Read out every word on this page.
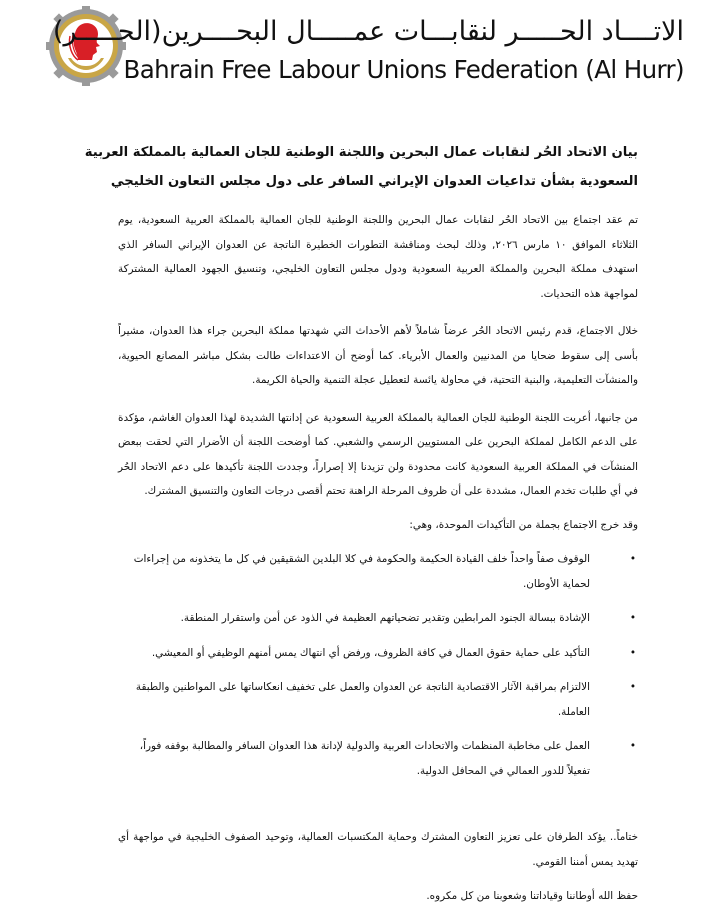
الاتــــاد الحـــــر لنقابـــات عمـــــال البحــــرين(الحـــــر)
Bahrain Free Labour Unions Federation (Al Hurr)
بيان الاتحاد الحُر لنقابات عمال البحرين واللجنة الوطنية للجان العمالية بالمملكة العربية
السعودية بشأن تداعيات العدوان الإيراني السافر على دول مجلس التعاون الخليجي

تم عقد اجتماع بين الاتحاد الحُر لنقابات عمال البحرين واللجنة الوطنية للجان العمالية بالمملكة العربية السعودية، يوم الثلاثاء الموافق ١٠ مارس ٢٠٢٦, وذلك لبحث ومناقشة التطورات الخطيرة الناتجة عن العدوان الإيراني السافر الذي استهدف مملكة البحرين والمملكة العربية السعودية ودول مجلس التعاون الخليجي، وتنسيق الجهود العمالية المشتركة لمواجهة هذه التحديات.

خلال الاجتماع، قدم رئيس الاتحاد الحُر عرضاً شاملاً لأهم الأحداث التي شهدتها مملكة البحرين جراء هذا العدوان، مشيراً بأسى إلى سقوط ضحايا من المدنيين والعمال الأبرياء. كما أوضح أن الاعتداءات طالت بشكل مباشر المصانع الحيوية، والمنشآت التعليمية، والبنية التحتية، في محاولة يائسة لتعطيل عجلة التنمية والحياة الكريمة.

من جانبها، أعربت اللجنة الوطنية للجان العمالية بالمملكة العربية السعودية عن إدانتها الشديدة لهذا العدوان الغاشم، مؤكدة على الدعم الكامل لمملكة البحرين على المستويين الرسمي والشعبي. كما أوضحت اللجنة أن الأضرار التي لحقت ببعض المنشآت في المملكة العربية السعودية كانت محدودة ولن تزيدنا إلا إصراراً، وجددت اللجنة تأكيدها على دعم الاتحاد الحُر في أي طلبات تخدم العمال، مشددة على أن ظروف المرحلة الراهنة تحتم أقصى درجات التعاون والتنسيق المشترك.

وقد خرج الاجتماع بجملة من التأكيدات الموحدة، وهي:

•
الوقوف صفاً واحداً خلف القيادة الحكيمة والحكومة في كلا البلدين الشقيقين في كل ما يتخذونه من إجراءات لحماية الأوطان.
•
الإشادة ببسالة الجنود المرابطين وتقدير تضحياتهم العظيمة في الذود عن أمن واستقرار المنطقة.
•
التأكيد على حماية حقوق العمال في كافة الظروف، ورفض أي انتهاك يمس أمنهم الوظيفي أو المعيشي.
•
الالتزام بمراقبة الآثار الاقتصادية الناتجة عن العدوان والعمل على تخفيف انعكاساتها على المواطنين والطبقة العاملة.
•
العمل على مخاطبة المنظمات والاتحادات العربية والدولية لإدانة هذا العدوان السافر والمطالبة بوقفه فوراً، تفعيلاً للدور العمالي في المحافل الدولية.

ختاماً.. يؤكد الطرفان على تعزيز التعاون المشترك وحماية المكتسبات العمالية، وتوحيد الصفوف الخليجية في مواجهة أي تهديد يمس أمننا القومي.

حفظ الله أوطاننا وقياداتنا وشعوبنا من كل مكروه.
